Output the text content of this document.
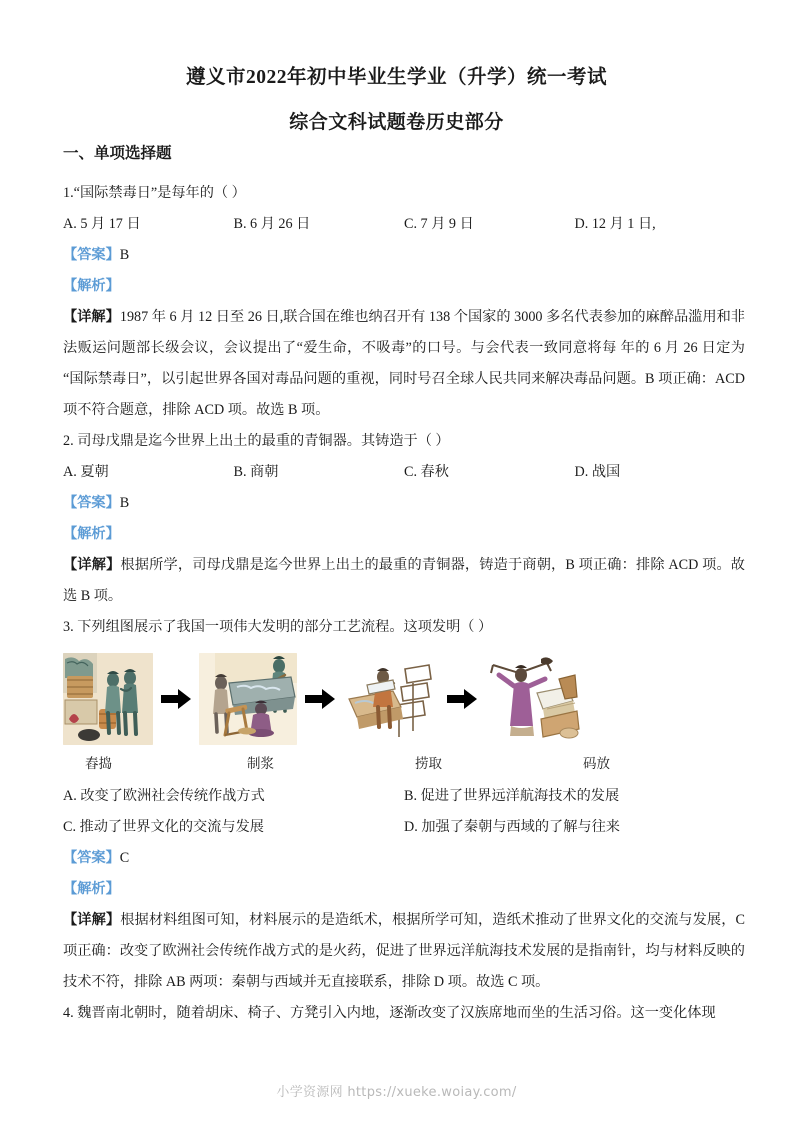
遵义市2022年初中毕业生学业（升学）统一考试
综合文科试题卷历史部分
一、单项选择题

1.“国际禁毒日”是每年的（ ）

A. 5 月 17 日	B. 6 月 26 日	C. 7 月 9 日	D. 12 月 1 日,

【答案】B

【解析】

【详解】1987 年 6 月 12 日至 26 日,联合国在维也纳召开有 138 个国家的 3000 多名代表参加的麻醉品滥用和非法贩运问题部长级会议，会议提出了“爱生命，不吸毒”的口号。与会代表一致同意将每 年的 6 月 26 日定为“国际禁毒日”，以引起世界各国对毒品问题的重视，同时号召全球人民共同来解决毒品问题。B 项正确：ACD 项不符合题意，排除 ACD 项。故选 B 项。

2. 司母戊鼎是迄今世界上出土的最重的青铜器。其铸造于（ ）

A. 夏朝	B. 商朝	C. 春秋	D. 战国

【答案】B

【解析】

【详解】根据所学，司母戊鼎是迄今世界上出土的最重的青铜器，铸造于商朝，B 项正确：排除 ACD 项。故选 B 项。

3. 下列组图展示了我国一项伟大发明的部分工艺流程。这项发明（ ）

舂捣	制浆	捞取	码放
A. 改变了欧洲社会传统作战方式	B. 促进了世界远洋航海技术的发展
C. 推动了世界文化的交流与发展	D. 加强了秦朝与西域的了解与往来

【答案】C

【解析】

【详解】根据材料组图可知，材料展示的是造纸术，根据所学可知，造纸术推动了世界文化的交流与发展，C 项正确：改变了欧洲社会传统作战方式的是火药，促进了世界远洋航海技术发展的是指南针，均与材料反映的技术不符，排除 AB 两项：秦朝与西域并无直接联系，排除 D 项。故选 C 项。

4. 魏晋南北朝时，随着胡床、椅子、方凳引入内地，逐渐改变了汉族席地而坐的生活习俗。这一变化体现

小学资源网 https://xueke.woiay.com/
